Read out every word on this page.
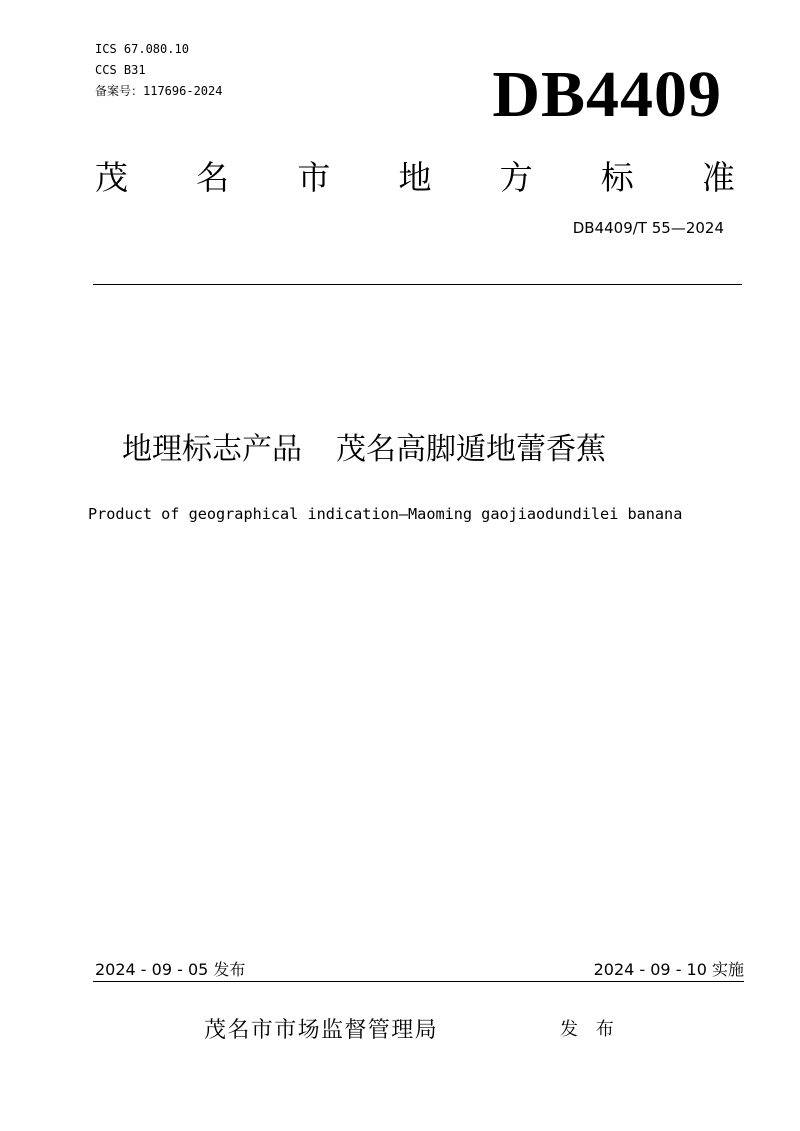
ICS 67.080.10
CCS B31
备案号：117696-2024	DB4409
茂 名 市 地 方 标 准
DB4409/T 55—2024
地理标志产品 茂名高脚遁地蕾香蕉
Product of geographical indication—Maoming gaojiaodundilei banana
2024 - 09 - 05 发布	2024 - 09 - 10 实施
茂名市市场监督管理局	发 布
